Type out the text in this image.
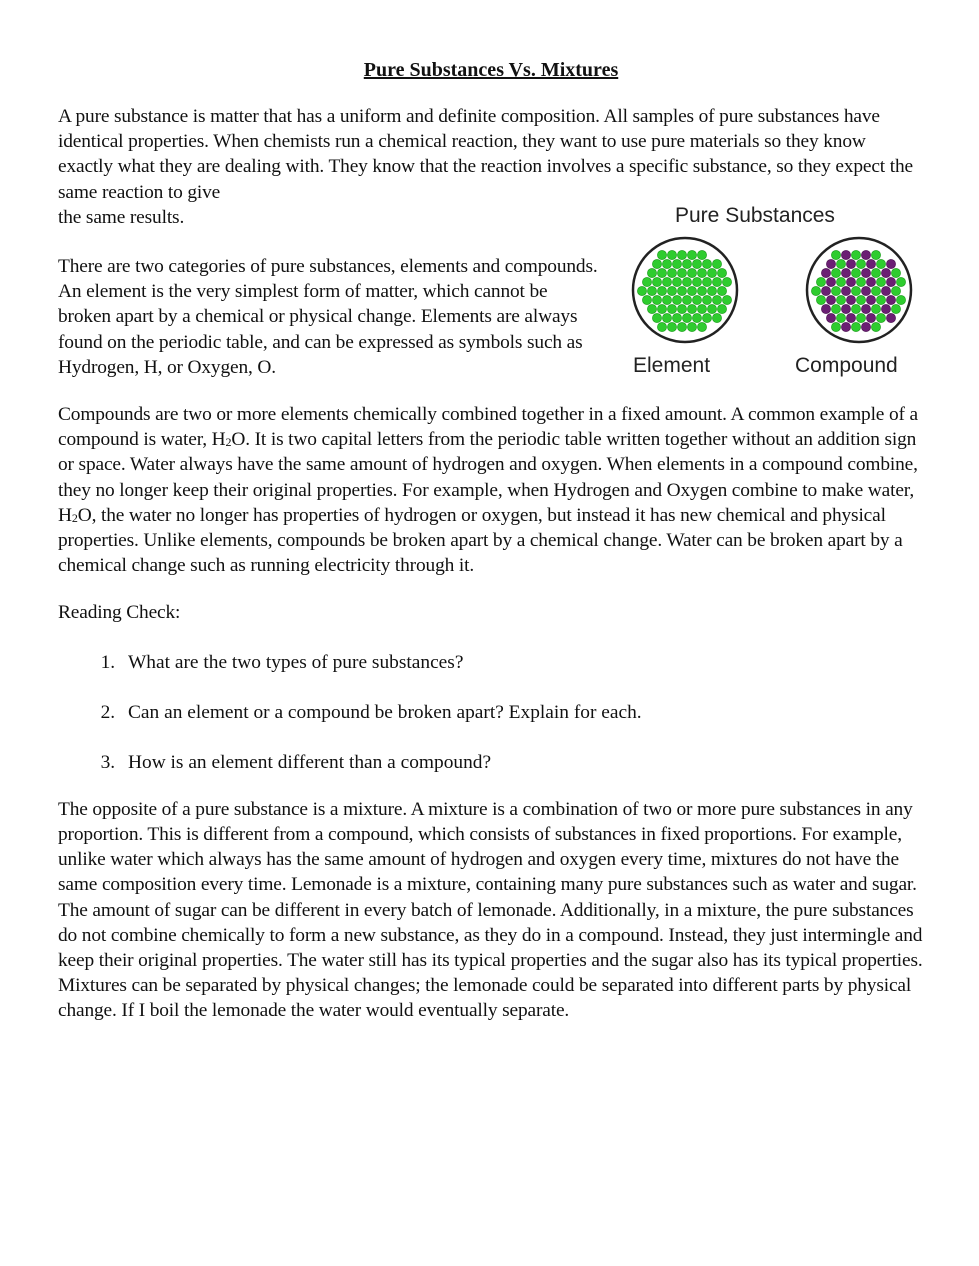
Pure Substances Vs. Mixtures

A pure substance is matter that has a uniform and definite composition. All samples of pure substances have identical properties. When chemists run a chemical reaction, they want to use pure materials so they know exactly what they are dealing with. They know that the reaction involves a specific substance, so they expect the same reaction to give
the same results.

There are two categories of pure substances, elements and compounds. An element is the very simplest form of matter, which cannot be broken apart by a chemical or physical change. Elements are always found on the periodic table, and can be expressed as symbols such as Hydrogen, H, or Oxygen, O.

Pure Substances
Element	Compound

Compounds are two or more elements chemically combined together in a fixed amount. A common example of a compound is water, $H_2O$. It is two capital letters from the periodic table written together without an addition sign or space. Water always have the same amount of hydrogen and oxygen. When elements in a compound combine, they no longer keep their original properties. For example, when Hydrogen and Oxygen combine to make water, $H_2O$, the water no longer has properties of hydrogen or oxygen, but instead it has new chemical and physical properties. Unlike elements, compounds be broken apart by a chemical change. Water can be broken apart by a chemical change such as running electricity through it.

Reading Check:

1. What are the two types of pure substances?
2. Can an element or a compound be broken apart? Explain for each.
3. How is an element different than a compound?

The opposite of a pure substance is a mixture. A mixture is a combination of two or more pure substances in any proportion. This is different from a compound, which consists of substances in fixed proportions. For example, unlike water which always has the same amount of hydrogen and oxygen every time, mixtures do not have the same composition every time. Lemonade is a mixture, containing many pure substances such as water and sugar. The amount of sugar can be different in every batch of lemonade. Additionally, in a mixture, the pure substances do not combine chemically to form a new substance, as they do in a compound. Instead, they just intermingle and keep their original properties. The water still has its typical properties and the sugar also has its typical properties. Mixtures can be separated by physical changes; the lemonade could be separated into different parts by physical change. If I boil the lemonade the water would eventually separate.
